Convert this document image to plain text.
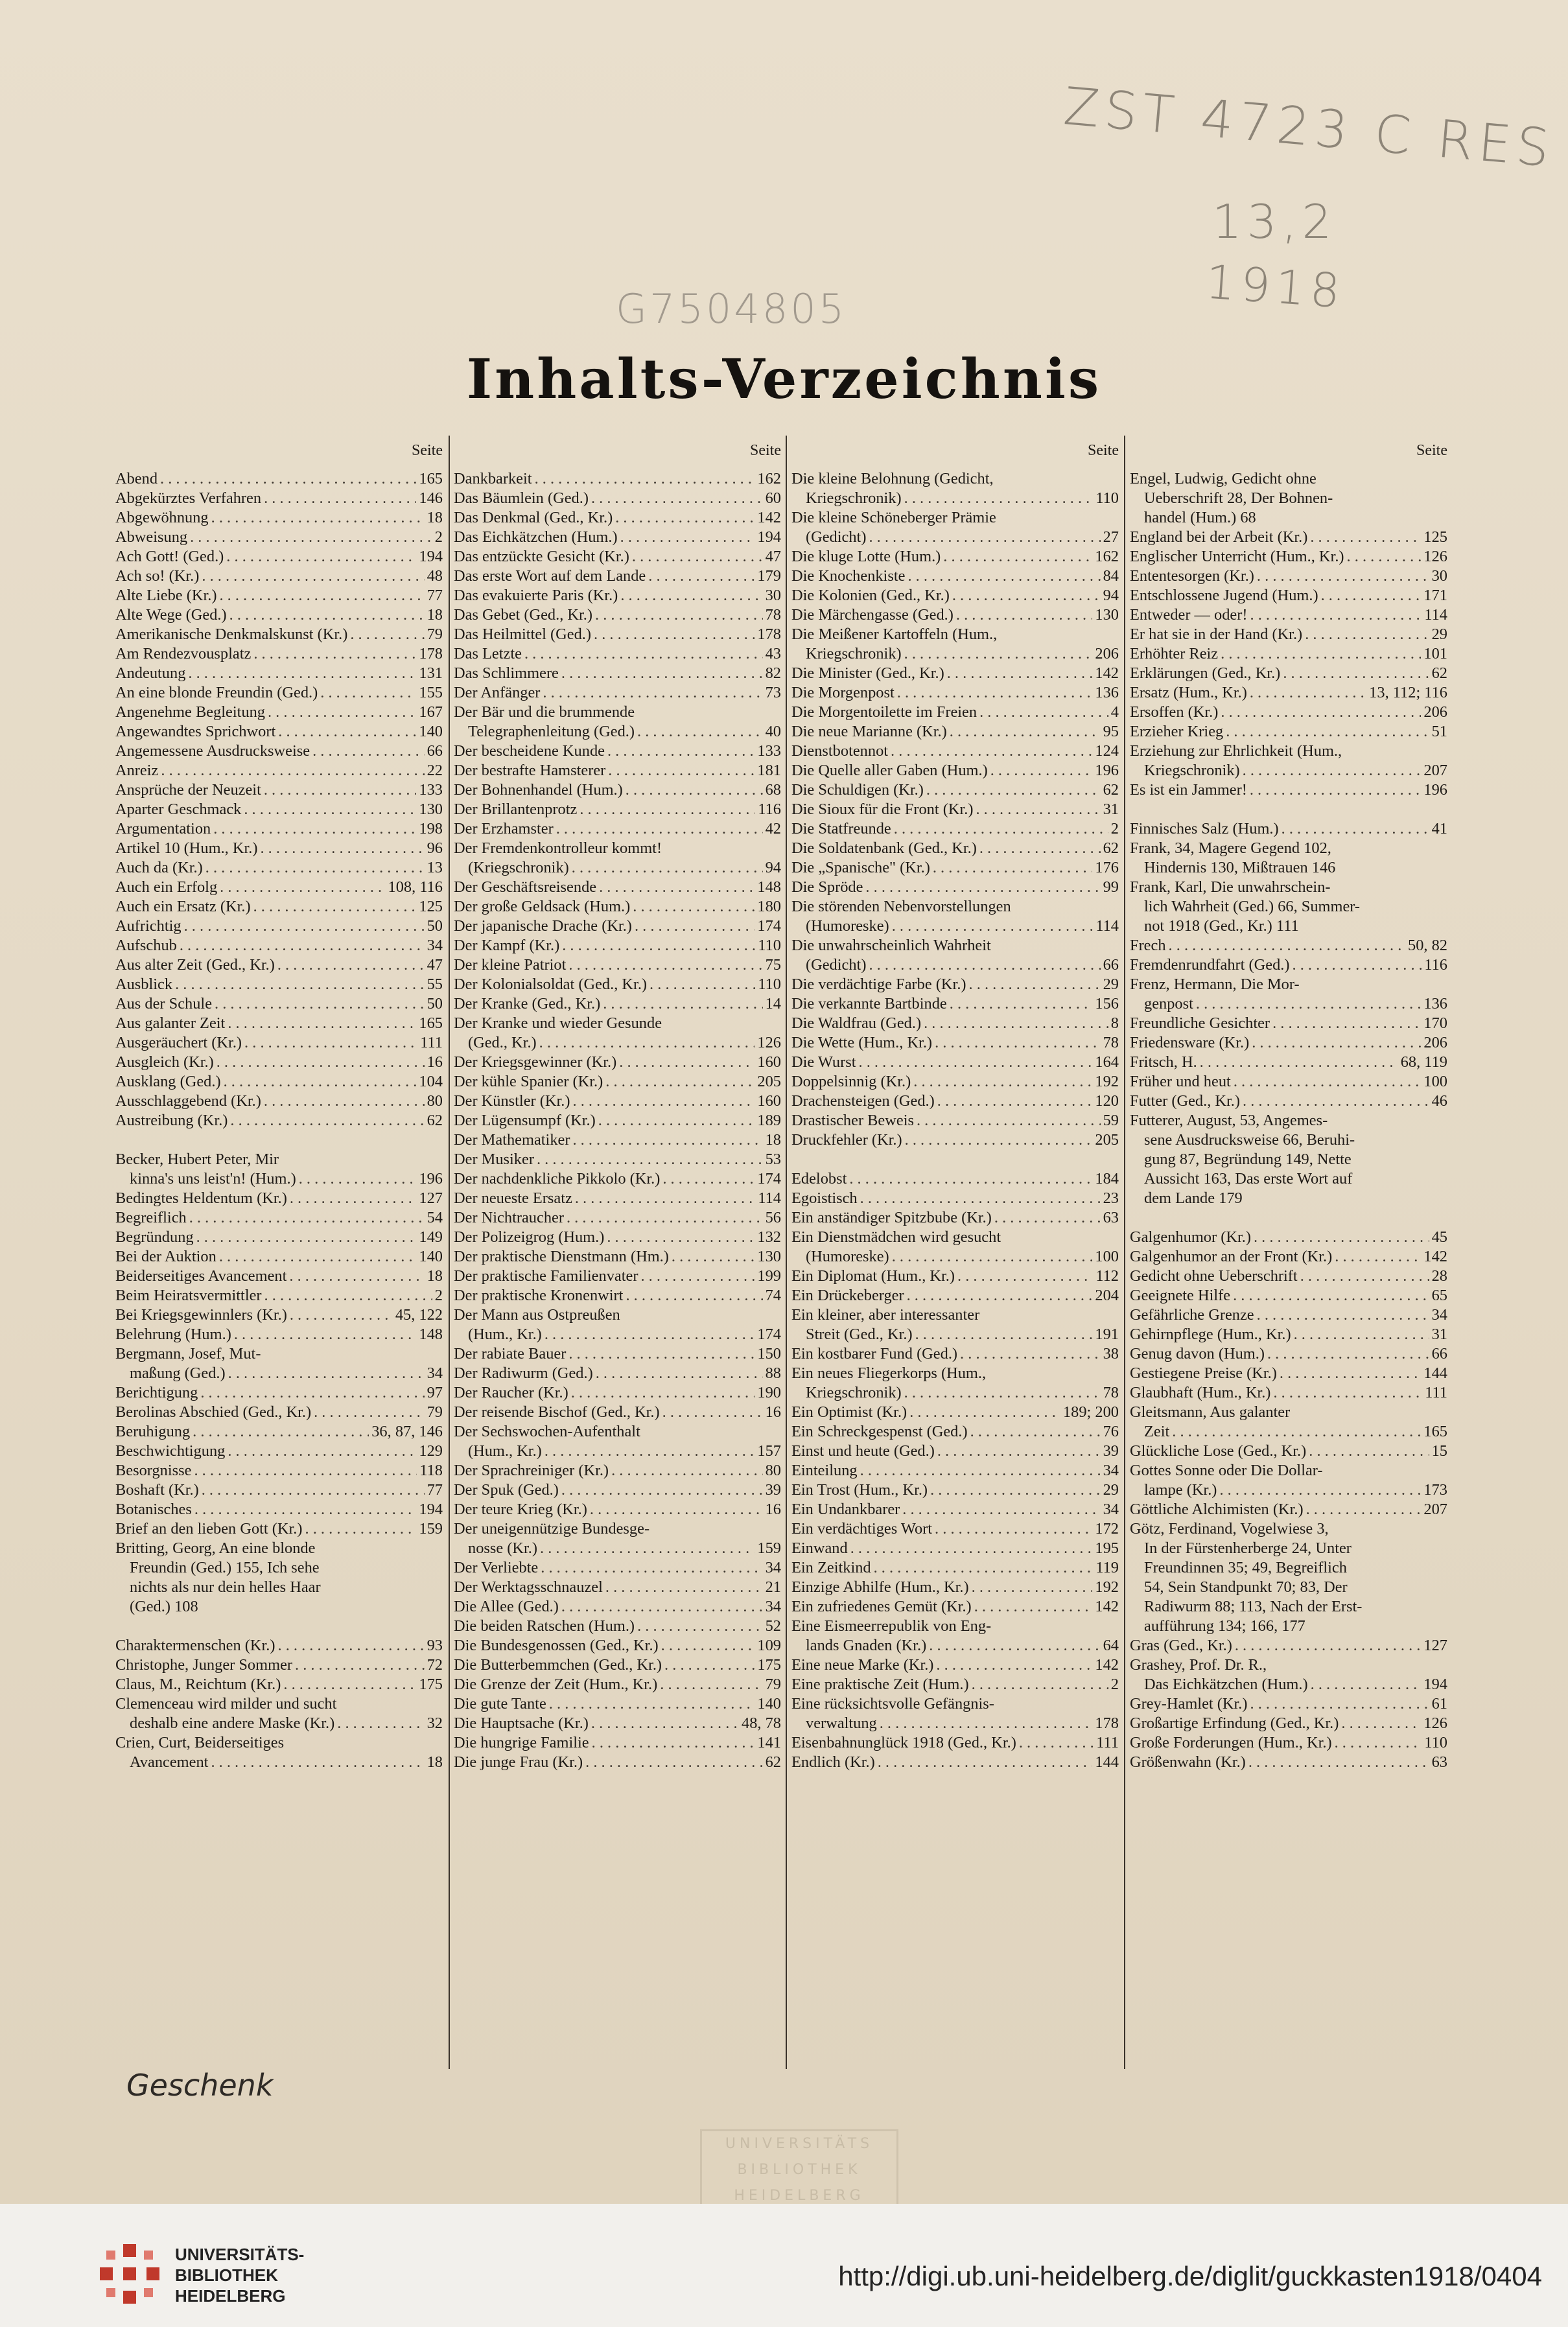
ZST 4723 C RES
13,2
1918
G7504805
Inhalts-Verzeichnis
Seite
Abend . . .	165
Abgekürztes Verfahren . . .	146
Abgewöhnung . . .	18
Abweisung . . .	2
Ach Gott! (Ged.) . . .	194
Ach so! (Kr.) . . .	48
Alte Liebe (Kr.) . . .	77
Alte Wege (Ged.) . . .	18
Amerikanische Denkmalskunst (Kr.) . . .	79
Am Rendezvousplatz . . .	178
Andeutung . . .	131
An eine blonde Freundin (Ged.) . . .	155
Angenehme Begleitung . . .	167
Angewandtes Sprichwort . . .	140
Angemessene Ausdrucksweise . . .	66
Anreiz . . .	22
Ansprüche der Neuzeit . . .	133
Aparter Geschmack . . .	130
Argumentation . . .	198
Artikel 10 (Hum., Kr.) . . .	96
Auch da (Kr.) . . .	13
Auch ein Erfolg . . .	108, 116
Auch ein Ersatz (Kr.) . . .	125
Aufrichtig . . .	50
Aufschub . . .	34
Aus alter Zeit (Ged., Kr.) . . .	47
Ausblick . . .	55
Aus der Schule . . .	50
Aus galanter Zeit . . .	165
Ausgeräuchert (Kr.) . . .	111
Ausgleich (Kr.) . . .	16
Ausklang (Ged.) . . .	104
Ausschlaggebend (Kr.) . . .	80
Austreibung (Kr.) . . .	62
Becker, Hubert Peter, Mir
kinna's uns leist'n! (Hum.) . . .	196
Bedingtes Heldentum (Kr.) . . .	127
Begreiflich . . .	54
Begründung . . .	149
Bei der Auktion . . .	140
Beiderseitiges Avancement . . .	18
Beim Heiratsvermittler . . .	2
Bei Kriegsgewinnlers (Kr.) . . .	45, 122
Belehrung (Hum.) . . .	148
Bergmann, Josef, Mut-
maßung (Ged.) . . .	34
Berichtigung . . .	97
Berolinas Abschied (Ged., Kr.) . . .	79
Beruhigung . . .	36, 87, 146
Beschwichtigung . . .	129
Besorgnisse . . .	118
Boshaft (Kr.) . . .	77
Botanisches . . .	194
Brief an den lieben Gott (Kr.) . . .	159
Britting, Georg, An eine blonde
Freundin (Ged.) 155, Ich sehe
nichts als nur dein helles Haar
(Ged.) 108
Charaktermenschen (Kr.) . . .	93
Christophe, Junger Sommer . . .	72
Claus, M., Reichtum (Kr.) . . .	175
Clemenceau wird milder und sucht
deshalb eine andere Maske (Kr.) . . .	32
Crien, Curt, Beiderseitiges
Avancement . . .	18
Seite
Dankbarkeit . . .	162
Das Bäumlein (Ged.) . . .	60
Das Denkmal (Ged., Kr.) . . .	142
Das Eichkätzchen (Hum.) . . .	194
Das entzückte Gesicht (Kr.) . . .	47
Das erste Wort auf dem Lande . . .	179
Das evakuierte Paris (Kr.) . . .	30
Das Gebet (Ged., Kr.) . . .	78
Das Heilmittel (Ged.) . . .	178
Das Letzte . . .	43
Das Schlimmere . . .	82
Der Anfänger . . .	73
Der Bär und die brummende
Telegraphenleitung (Ged.) . . .	40
Der bescheidene Kunde . . .	133
Der bestrafte Hamsterer . . .	181
Der Bohnenhandel (Hum.) . . .	68
Der Brillantenprotz . . .	116
Der Erzhamster . . .	42
Der Fremdenkontrolleur kommt!
(Kriegschronik) . . .	94
Der Geschäftsreisende . . .	148
Der große Geldsack (Hum.) . . .	180
Der japanische Drache (Kr.) . . .	174
Der Kampf (Kr.) . . .	110
Der kleine Patriot . . .	75
Der Kolonialsoldat (Ged., Kr.) . . .	110
Der Kranke (Ged., Kr.) . . .	14
Der Kranke und wieder Gesunde
(Ged., Kr.) . . .	126
Der Kriegsgewinner (Kr.) . . .	160
Der kühle Spanier (Kr.) . . .	205
Der Künstler (Kr.) . . .	160
Der Lügensumpf (Kr.) . . .	189
Der Mathematiker . . .	18
Der Musiker . . .	53
Der nachdenkliche Pikkolo (Kr.) . . .	174
Der neueste Ersatz . . .	114
Der Nichtraucher . . .	56
Der Polizeigrog (Hum.) . . .	132
Der praktische Dienstmann (Hm.) . . .	130
Der praktische Familienvater . . .	199
Der praktische Kronenwirt . . .	74
Der Mann aus Ostpreußen
(Hum., Kr.) . . .	174
Der rabiate Bauer . . .	150
Der Radiwurm (Ged.) . . .	88
Der Raucher (Kr.) . . .	190
Der reisende Bischof (Ged., Kr.) . . .	16
Der Sechswochen-Aufenthalt
(Hum., Kr.) . . .	157
Der Sprachreiniger (Kr.) . . .	80
Der Spuk (Ged.) . . .	39
Der teure Krieg (Kr.) . . .	16
Der uneigennützige Bundesge-
nosse (Kr.) . . .	159
Der Verliebte . . .	34
Der Werktagsschnauzel . . .	21
Die Allee (Ged.) . . .	34
Die beiden Ratschen (Hum.) . . .	52
Die Bundesgenossen (Ged., Kr.) . . .	109
Die Butterbemmchen (Ged., Kr.) . . .	175
Die Grenze der Zeit (Hum., Kr.) . . .	79
Die gute Tante . . .	140
Die Hauptsache (Kr.) . . .	48, 78
Die hungrige Familie . . .	141
Die junge Frau (Kr.) . . .	62
Seite
Die kleine Belohnung (Gedicht,
Kriegschronik) . . .	110
Die kleine Schöneberger Prämie
(Gedicht) . . .	27
Die kluge Lotte (Hum.) . . .	162
Die Knochenkiste . . .	84
Die Kolonien (Ged., Kr.) . . .	94
Die Märchengasse (Ged.) . . .	130
Die Meißener Kartoffeln (Hum.,
Kriegschronik) . . .	206
Die Minister (Ged., Kr.) . . .	142
Die Morgenpost . . .	136
Die Morgentoilette im Freien . . .	4
Die neue Marianne (Kr.) . . .	95
Dienstbotennot . . .	124
Die Quelle aller Gaben (Hum.) . . .	196
Die Schuldigen (Kr.) . . .	62
Die Sioux für die Front (Kr.) . . .	31
Die Statfreunde . . .	2
Die Soldatenbank (Ged., Kr.) . . .	62
Die „Spanische" (Kr.) . . .	176
Die Spröde . . .	99
Die störenden Nebenvorstellungen
(Humoreske) . . .	114
Die unwahrscheinlich Wahrheit
(Gedicht) . . .	66
Die verdächtige Farbe (Kr.) . . .	29
Die verkannte Bartbinde . . .	156
Die Waldfrau (Ged.) . . .	8
Die Wette (Hum., Kr.) . . .	78
Die Wurst . . .	164
Doppelsinnig (Kr.) . . .	192
Drachensteigen (Ged.) . . .	120
Drastischer Beweis . . .	59
Druckfehler (Kr.) . . .	205
Edelobst . . .	184
Egoistisch . . .	23
Ein anständiger Spitzbube (Kr.) . . .	63
Ein Dienstmädchen wird gesucht
(Humoreske) . . .	100
Ein Diplomat (Hum., Kr.) . . .	112
Ein Drückeberger . . .	204
Ein kleiner, aber interessanter
Streit (Ged., Kr.) . . .	191
Ein kostbarer Fund (Ged.) . . .	38
Ein neues Fliegerkorps (Hum.,
Kriegschronik) . . .	78
Ein Optimist (Kr.) . . .	189; 200
Ein Schreckgespenst (Ged.) . . .	76
Einst und heute (Ged.) . . .	39
Einteilung . . .	34
Ein Trost (Hum., Kr.) . . .	29
Ein Undankbarer . . .	34
Ein verdächtiges Wort . . .	172
Einwand . . .	195
Ein Zeitkind . . .	119
Einzige Abhilfe (Hum., Kr.) . . .	192
Ein zufriedenes Gemüt (Kr.) . . .	142
Eine Eismeerrepublik von Eng-
lands Gnaden (Kr.) . . .	64
Eine neue Marke (Kr.) . . .	142
Eine praktische Zeit (Hum.) . . .	2
Eine rücksichtsvolle Gefängnis-
verwaltung . . .	178
Eisenbahnunglück 1918 (Ged., Kr.) . . .	111
Endlich (Kr.) . . .	144
Seite
Engel, Ludwig, Gedicht ohne
Ueberschrift 28, Der Bohnen-
handel (Hum.) 68
England bei der Arbeit (Kr.) . . .	125
Englischer Unterricht (Hum., Kr.) . . .	126
Ententesorgen (Kr.) . . .	30
Entschlossene Jugend (Hum.) . . .	171
Entweder — oder! . . .	114
Er hat sie in der Hand (Kr.) . . .	29
Erhöhter Reiz . . .	101
Erklärungen (Ged., Kr.) . . .	62
Ersatz (Hum., Kr.) . . .	13, 112; 116
Ersoffen (Kr.) . . .	206
Erzieher Krieg . . .	51
Erziehung zur Ehrlichkeit (Hum.,
Kriegschronik) . . .	207
Es ist ein Jammer! . . .	196
Finnisches Salz (Hum.) . . .	41
Frank, 34, Magere Gegend 102,
Hindernis 130, Mißtrauen 146
Frank, Karl, Die unwahrschein-
lich Wahrheit (Ged.) 66, Summer-
not 1918 (Ged., Kr.) 111
Frech . . .	50, 82
Fremdenrundfahrt (Ged.) . . .	116
Frenz, Hermann, Die Mor-
genpost . . .	136
Freundliche Gesichter . . .	170
Friedensware (Kr.) . . .	206
Fritsch, H. . . .	68, 119
Früher und heut . . .	100
Futter (Ged., Kr.) . . .	46
Futterer, August, 53, Angemes-
sene Ausdrucksweise 66, Beruhi-
gung 87, Begründung 149, Nette
Aussicht 163, Das erste Wort auf
dem Lande 179
Galgenhumor (Kr.) . . .	45
Galgenhumor an der Front (Kr.) . . .	142
Gedicht ohne Ueberschrift . . .	28
Geeignete Hilfe . . .	65
Gefährliche Grenze . . .	34
Gehirnpflege (Hum., Kr.) . . .	31
Genug davon (Hum.) . . .	66
Gestiegene Preise (Kr.) . . .	144
Glaubhaft (Hum., Kr.) . . .	111
Gleitsmann, Aus galanter
Zeit . . .	165
Glückliche Lose (Ged., Kr.) . . .	15
Gottes Sonne oder Die Dollar-
lampe (Kr.) . . .	173
Göttliche Alchimisten (Kr.) . . .	207
Götz, Ferdinand, Vogelwiese 3,
In der Fürstenherberge 24, Unter
Freundinnen 35; 49, Begreiflich
54, Sein Standpunkt 70; 83, Der
Radiwurm 88; 113, Nach der Erst-
aufführung 134; 166, 177
Gras (Ged., Kr.) . . .	127
Grashey, Prof. Dr. R.,
Das Eichkätzchen (Hum.) . . .	194
Grey-Hamlet (Kr.) . . .	61
Großartige Erfindung (Ged., Kr.) . . .	126
Große Forderungen (Hum., Kr.) . . .	110
Größenwahn (Kr.) . . .	63
Geschenk
UNIVERSITÄTS
BIBLIOTHEK
HEIDELBERG
UNIVERSITÄTS-
BIBLIOTHEK
HEIDELBERG
http://digi.ub.uni-heidelberg.de/diglit/guckkasten1918/0404
